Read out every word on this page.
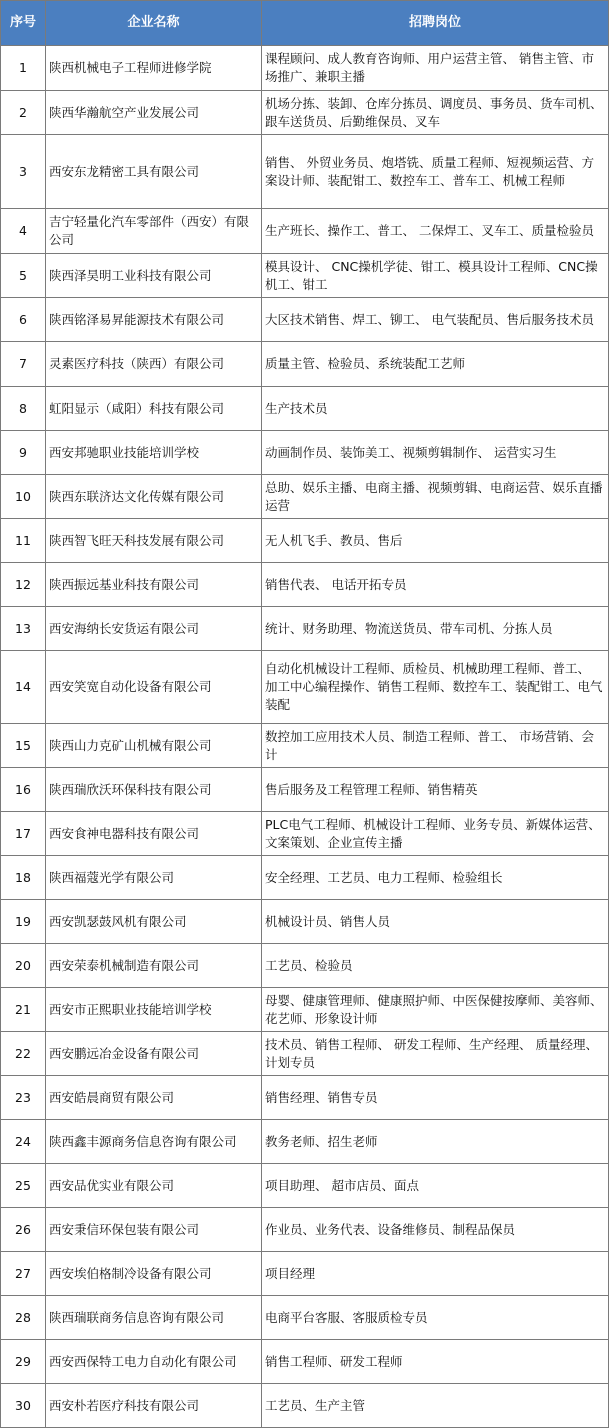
序号	企业名称	招聘岗位
1	陕西机械电子工程师进修学院	课程顾问、成人教育咨询师、用户运营主管、 销售主管、市场推广、兼职主播
2	陕西华瀚航空产业发展公司	机场分拣、装卸、仓库分拣员、调度员、事务员、货车司机、跟车送货员、后勤维保员、叉车
3	西安东龙精密工具有限公司	销售、 外贸业务员、炮塔铣、质量工程师、短视频运营、方案设计师、装配钳工、数控车工、普车工、机械工程师
4	吉宁轻量化汽车零部件（西安）有限公司	生产班长、操作工、普工、 二保焊工、叉车工、质量检验员
5	陕西泽昊明工业科技有限公司	模具设计、 CNC操机学徒、钳工、模具设计工程师、CNC操机工、钳工
6	陕西铭泽易昇能源技术有限公司	大区技术销售、焊工、铆工、 电气装配员、售后服务技术员
7	灵素医疗科技（陕西）有限公司	质量主管、检验员、系统装配工艺师
8	虹阳显示（咸阳）科技有限公司	生产技术员
9	西安邦驰职业技能培训学校	动画制作员、装饰美工、视频剪辑制作、 运营实习生
10	陕西东联济达文化传媒有限公司	总助、娱乐主播、电商主播、视频剪辑、电商运营、娱乐直播运营
11	陕西智飞旺天科技发展有限公司	无人机飞手、教员、售后
12	陕西振远基业科技有限公司	销售代表、 电话开拓专员
13	西安海纳长安货运有限公司	统计、财务助理、物流送货员、带车司机、分拣人员
14	西安笑宽自动化设备有限公司	自动化机械设计工程师、质检员、机械助理工程师、普工、 加工中心编程操作、销售工程师、数控车工、装配钳工、电气装配
15	陕西山力克矿山机械有限公司	数控加工应用技术人员、制造工程师、普工、 市场营销、会计
16	陕西瑞欣沃环保科技有限公司	售后服务及工程管理工程师、销售精英
17	西安食神电器科技有限公司	PLC电气工程师、机械设计工程师、业务专员、新媒体运营、文案策划、企业宣传主播
18	陕西福蔻光学有限公司	安全经理、工艺员、电力工程师、检验组长
19	西安凯瑟鼓风机有限公司	机械设计员、销售人员
20	西安荣泰机械制造有限公司	工艺员、检验员
21	西安市正熙职业技能培训学校	母婴、健康管理师、健康照护师、中医保健按摩师、美容师、花艺师、形象设计师
22	西安鹏远冶金设备有限公司	技术员、销售工程师、 研发工程师、生产经理、 质量经理、计划专员
23	西安皓晨商贸有限公司	销售经理、销售专员
24	陕西鑫丰源商务信息咨询有限公司	教务老师、招生老师
25	西安品优实业有限公司	项目助理、 超市店员、面点
26	西安秉信环保包装有限公司	作业员、业务代表、设备维修员、制程品保员
27	西安埃伯格制冷设备有限公司	项目经理
28	陕西瑞联商务信息咨询有限公司	电商平台客服、客服质检专员
29	西安西保特工电力自动化有限公司	销售工程师、研发工程师
30	西安朴若医疗科技有限公司	工艺员、生产主管
